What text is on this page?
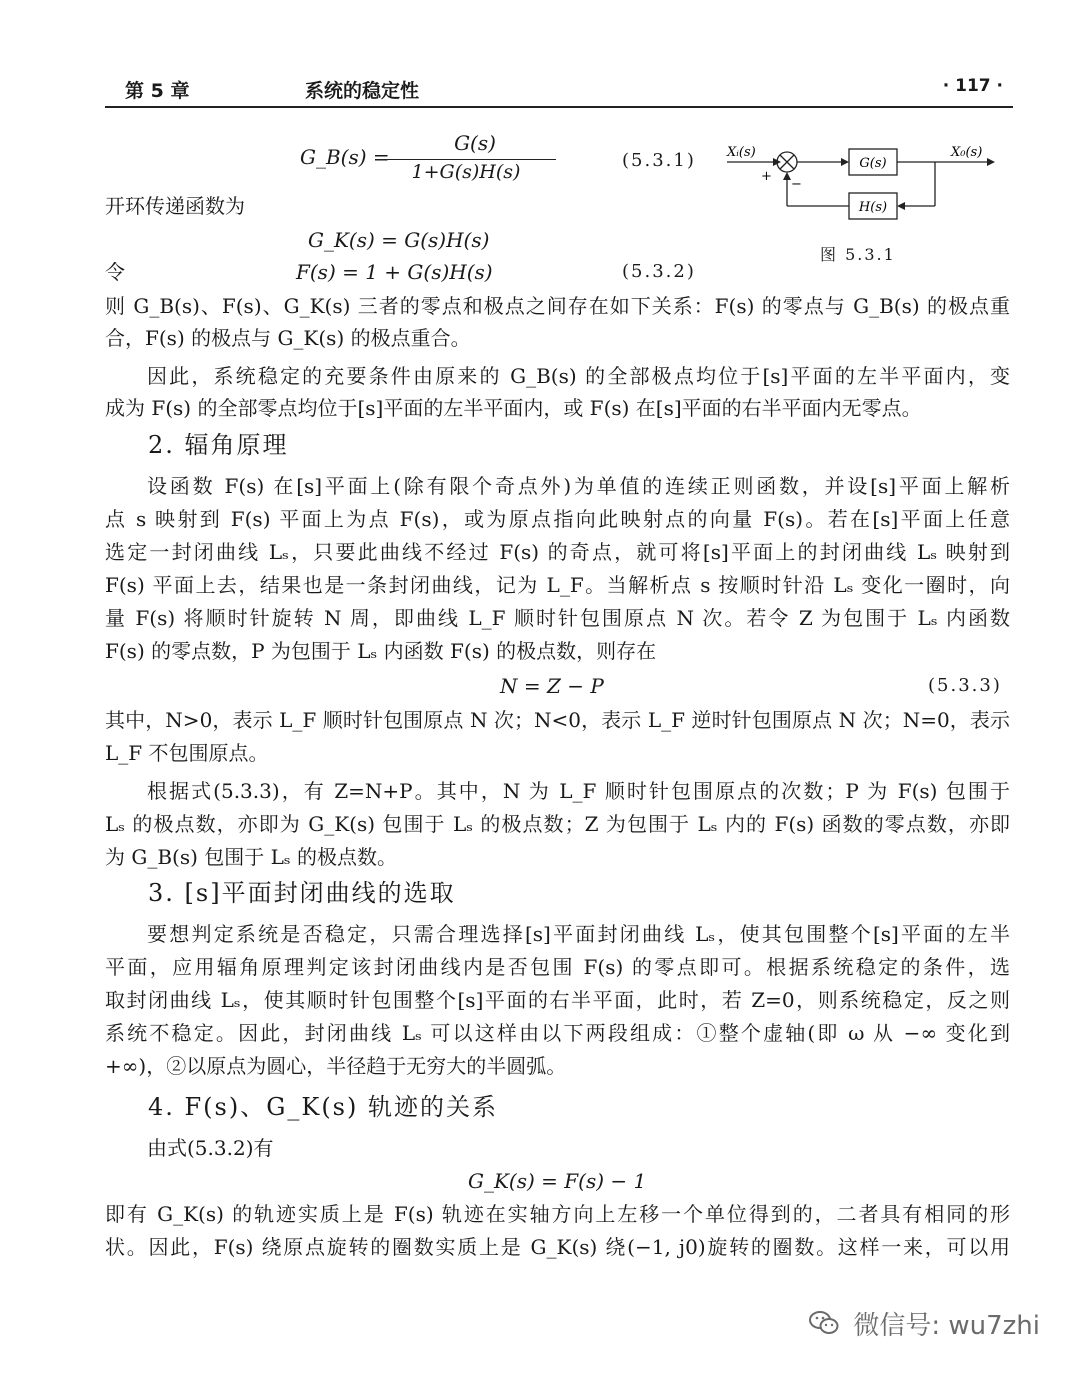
第 5 章	系统的稳定性	· 117 ·
G_B(s) =
G(s)
1+G(s)H(s)
(5.3.1) Xᵢ(s)
+
−
G(s)
X₀(s)
H(s)
图 5.3.1
开环传递函数为
G_K(s) = G(s)H(s)
令	F(s) = 1 + G(s)H(s)	(5.3.2)
则 G_B(s)、F(s)、G_K(s) 三者的零点和极点之间存在如下关系：F(s) 的零点与 G_B(s) 的极点重
合，F(s) 的极点与 G_K(s) 的极点重合。
因此，系统稳定的充要条件由原来的 G_B(s) 的全部极点均位于[s]平面的左半平面内，变
成为 F(s) 的全部零点均位于[s]平面的左半平面内，或 F(s) 在[s]平面的右半平面内无零点。
2. 辐角原理
设函数 F(s) 在[s]平面上(除有限个奇点外)为单值的连续正则函数，并设[s]平面上解析
点 s 映射到 F(s) 平面上为点 F(s)，或为原点指向此映射点的向量 F(s)。若在[s]平面上任意
选定一封闭曲线 Lₛ，只要此曲线不经过 F(s) 的奇点，就可将[s]平面上的封闭曲线 Lₛ 映射到
F(s) 平面上去，结果也是一条封闭曲线，记为 L_F。当解析点 s 按顺时针沿 Lₛ 变化一圈时，向
量 F(s) 将顺时针旋转 N 周，即曲线 L_F 顺时针包围原点 N 次。若令 Z 为包围于 Lₛ 内函数
F(s) 的零点数，P 为包围于 Lₛ 内函数 F(s) 的极点数，则存在
N = Z − P	(5.3.3)
其中，N>0，表示 L_F 顺时针包围原点 N 次；N<0，表示 L_F 逆时针包围原点 N 次；N=0，表示
L_F 不包围原点。
根据式(5.3.3)，有 Z=N+P。其中，N 为 L_F 顺时针包围原点的次数；P 为 F(s) 包围于
Lₛ 的极点数，亦即为 G_K(s) 包围于 Lₛ 的极点数；Z 为包围于 Lₛ 内的 F(s) 函数的零点数，亦即
为 G_B(s) 包围于 Lₛ 的极点数。
3. [s]平面封闭曲线的选取
要想判定系统是否稳定，只需合理选择[s]平面封闭曲线 Lₛ，使其包围整个[s]平面的左半
平面，应用辐角原理判定该封闭曲线内是否包围 F(s) 的零点即可。根据系统稳定的条件，选
取封闭曲线 Lₛ，使其顺时针包围整个[s]平面的右半平面，此时，若 Z=0，则系统稳定，反之则
系统不稳定。因此，封闭曲线 Lₛ 可以这样由以下两段组成：①整个虚轴(即 ω 从 −∞ 变化到
+∞)，②以原点为圆心，半径趋于无穷大的半圆弧。
4. F(s)、G_K(s) 轨迹的关系
由式(5.3.2)有
G_K(s) = F(s) − 1
即有 G_K(s) 的轨迹实质上是 F(s) 轨迹在实轴方向上左移一个单位得到的，二者具有相同的形
状。因此，F(s) 绕原点旋转的圈数实质上是 G_K(s) 绕(−1, j0)旋转的圈数。这样一来，可以用
微信号: wu7zhi
